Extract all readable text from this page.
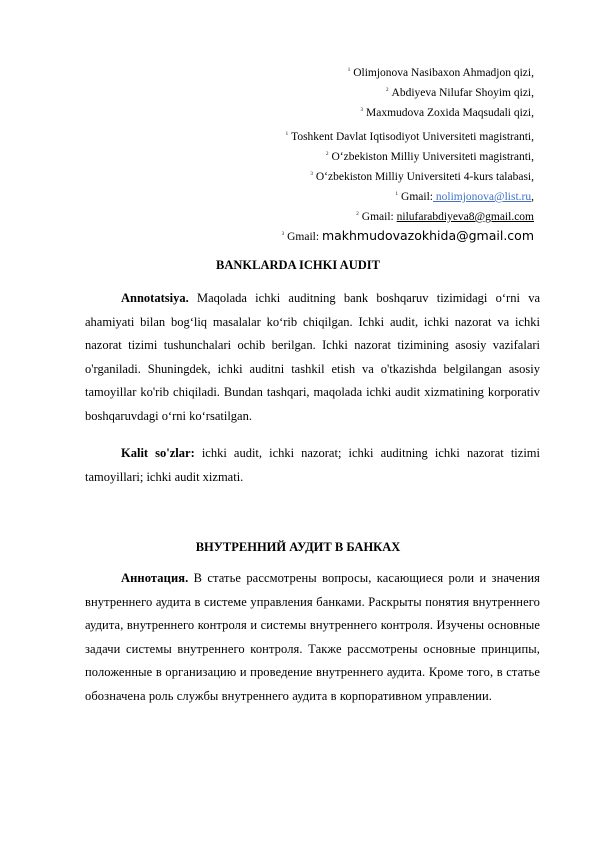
$^1$ Olimjonova Nasibaxon Ahmadjon qizi,
$^2$ Abdiyeva Nilufar Shoyim qizi,
$^3$ Maxmudova Zoxida Maqsudali qizi,
$^1$ Toshkent Davlat Iqtisodiyot Universiteti magistranti,
$^2$ O‘zbekiston Milliy Universiteti magistranti,
$^3$ O‘zbekiston Milliy Universiteti 4-kurs talabasi,
$^1$ Gmail: nolimjonova@list.ru,
$^2$ Gmail: nilufarabdiyeva8@gmail.com
$^3$ Gmail: makhmudovazokhida@gmail.com
BANKLARDA ICHKI AUDIT

Annotatsiya. Maqolada ichki auditning bank boshqaruv tizimidagi o‘rni va ahamiyati bilan bog‘liq masalalar ko‘rib chiqilgan. Ichki audit, ichki nazorat va ichki nazorat tizimi tushunchalari ochib berilgan. Ichki nazorat tizimining asosiy vazifalari o'rganiladi. Shuningdek, ichki auditni tashkil etish va o'tkazishda belgilangan asosiy tamoyillar ko'rib chiqiladi. Bundan tashqari, maqolada ichki audit xizmatining korporativ boshqaruvdagi o‘rni ko‘rsatilgan.

Kalit so'zlar: ichki audit, ichki nazorat; ichki auditning ichki nazorat tizimi tamoyillari; ichki audit xizmati.

ВНУТРЕННИЙ АУДИТ В БАНКАХ

Аннотация. В статье рассмотрены вопросы, касающиеся роли и значения внутреннего аудита в системе управления банками. Раскрыты понятия внутреннего аудита, внутреннего контроля и системы внутреннего контроля. Изучены основные задачи системы внутреннего контроля. Также рассмотрены основные принципы, положенные в организацию и проведение внутреннего аудита. Кроме того, в статье обозначена роль службы внутреннего аудита в корпоративном управлении.
